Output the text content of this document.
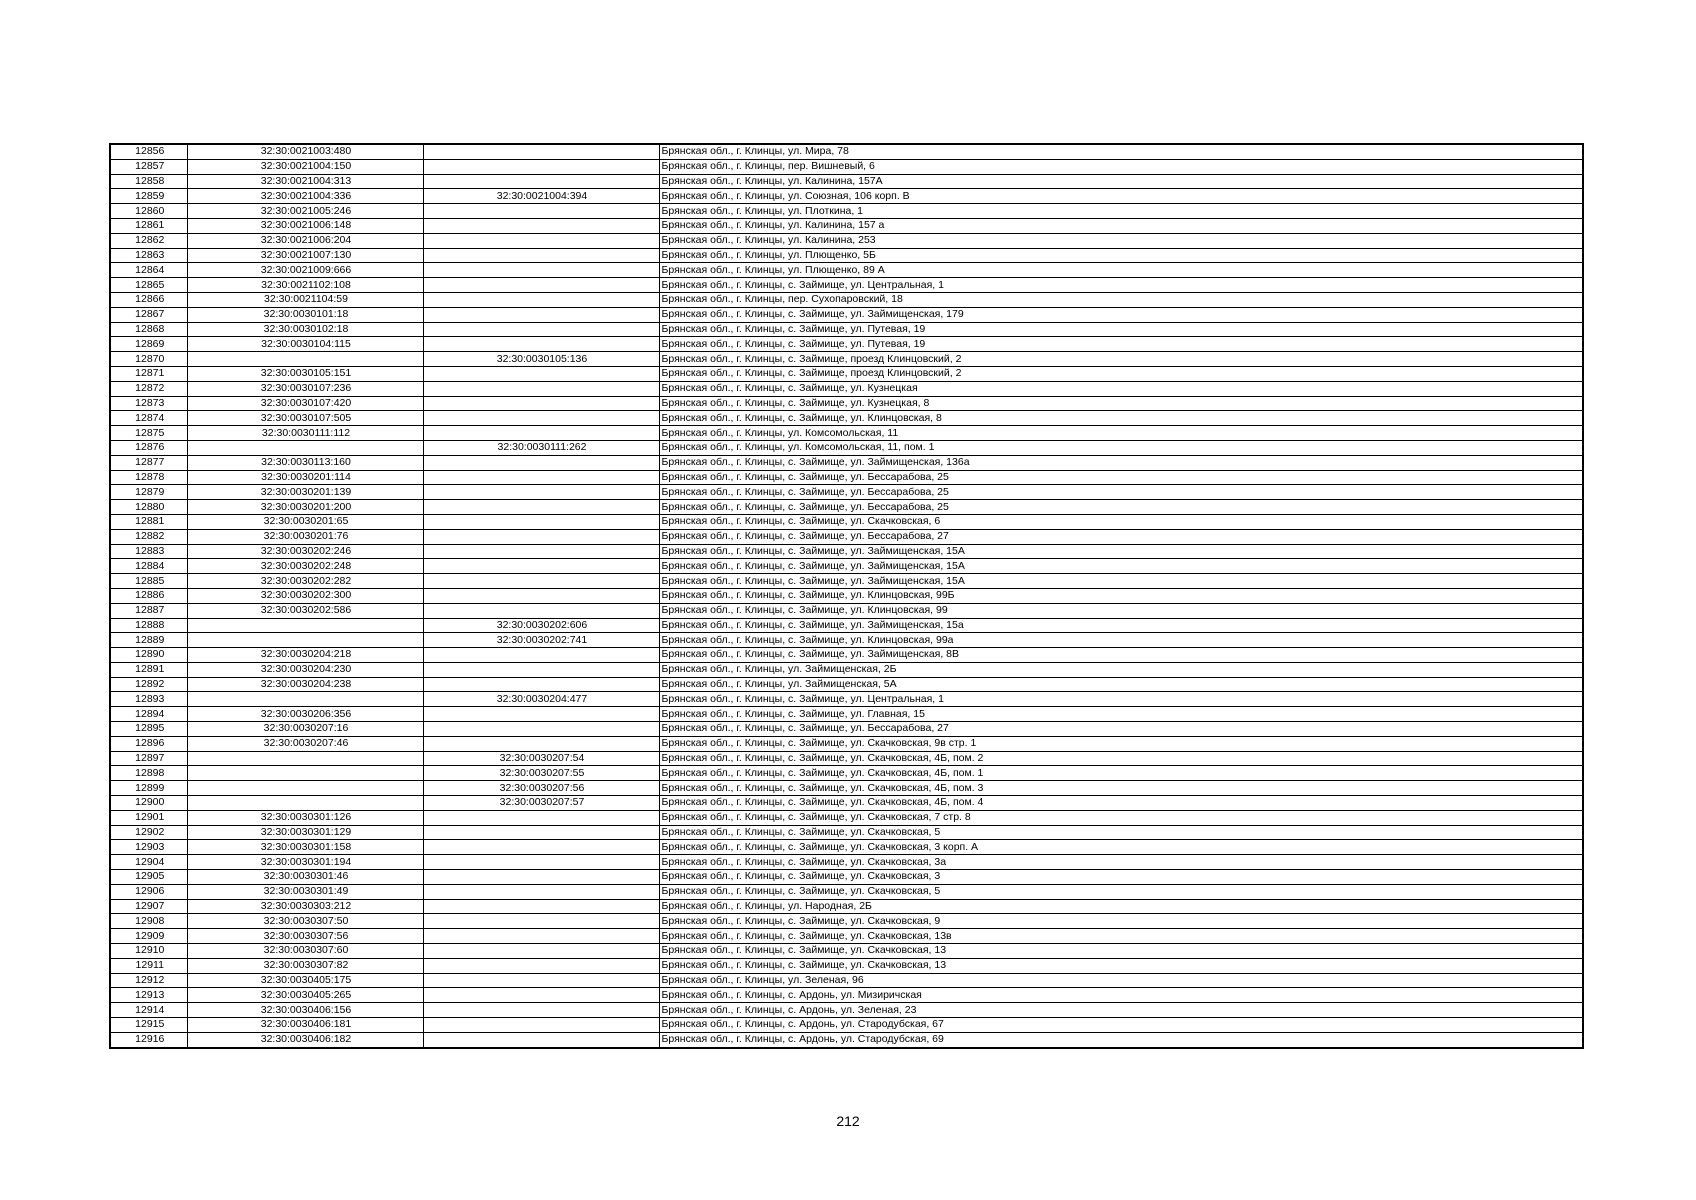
12856	32:30:0021003:480		Брянская обл., г. Клинцы, ул. Мира, 78
12857	32:30:0021004:150		Брянская обл., г. Клинцы, пер. Вишневый, 6
12858	32:30:0021004:313		Брянская обл., г. Клинцы, ул. Калинина, 157А
12859	32:30:0021004:336	32:30:0021004:394	Брянская обл., г. Клинцы, ул. Союзная, 106 корп. В
12860	32:30:0021005:246		Брянская обл., г. Клинцы, ул. Плоткина, 1
12861	32:30:0021006:148		Брянская обл., г. Клинцы, ул. Калинина, 157 а
12862	32:30:0021006:204		Брянская обл., г. Клинцы, ул. Калинина, 253
12863	32:30:0021007:130		Брянская обл., г. Клинцы, ул. Плющенко, 5Б
12864	32:30:0021009:666		Брянская обл., г. Клинцы, ул. Плющенко, 89 А
12865	32:30:0021102:108		Брянская обл., г. Клинцы, с. Займище, ул. Центральная, 1
12866	32:30:0021104:59		Брянская обл., г. Клинцы, пер. Сухопаровский, 18
12867	32:30:0030101:18		Брянская обл., г. Клинцы, с. Займище, ул. Займищенская, 179
12868	32:30:0030102:18		Брянская обл., г. Клинцы, с. Займище, ул. Путевая, 19
12869	32:30:0030104:115		Брянская обл., г. Клинцы, с. Займище, ул. Путевая, 19
12870		32:30:0030105:136	Брянская обл., г. Клинцы, с. Займище, проезд Клинцовский, 2
12871	32:30:0030105:151		Брянская обл., г. Клинцы, с. Займище, проезд Клинцовский, 2
12872	32:30:0030107:236		Брянская обл., г. Клинцы, с. Займище, ул. Кузнецкая
12873	32:30:0030107:420		Брянская обл., г. Клинцы, с. Займище, ул. Кузнецкая, 8
12874	32:30:0030107:505		Брянская обл., г. Клинцы, с. Займище, ул. Клинцовская, 8
12875	32:30:0030111:112		Брянская обл., г. Клинцы, ул. Комсомольская, 11
12876		32:30:0030111:262	Брянская обл., г. Клинцы, ул. Комсомольская, 11, пом. 1
12877	32:30:0030113:160		Брянская обл., г. Клинцы, с. Займище, ул. Займищенская, 136а
12878	32:30:0030201:114		Брянская обл., г. Клинцы, с. Займище, ул. Бессарабова, 25
12879	32:30:0030201:139		Брянская обл., г. Клинцы, с. Займище, ул. Бессарабова, 25
12880	32:30:0030201:200		Брянская обл., г. Клинцы, с. Займище, ул. Бессарабова, 25
12881	32:30:0030201:65		Брянская обл., г. Клинцы, с. Займище, ул. Скачковская, 6
12882	32:30:0030201:76		Брянская обл., г. Клинцы, с. Займище, ул. Бессарабова, 27
12883	32:30:0030202:246		Брянская обл., г. Клинцы, с. Займище, ул. Займищенская, 15А
12884	32:30:0030202:248		Брянская обл., г. Клинцы, с. Займище, ул. Займищенская, 15А
12885	32:30:0030202:282		Брянская обл., г. Клинцы, с. Займище, ул. Займищенская, 15А
12886	32:30:0030202:300		Брянская обл., г. Клинцы, с. Займище, ул. Клинцовская, 99Б
12887	32:30:0030202:586		Брянская обл., г. Клинцы, с. Займище, ул. Клинцовская, 99
12888		32:30:0030202:606	Брянская обл., г. Клинцы, с. Займище, ул. Займищенская, 15а
12889		32:30:0030202:741	Брянская обл., г. Клинцы, с. Займище, ул. Клинцовская, 99а
12890	32:30:0030204:218		Брянская обл., г. Клинцы, с. Займище, ул. Займищенская, 8В
12891	32:30:0030204:230		Брянская обл., г. Клинцы, ул. Займищенская, 2Б
12892	32:30:0030204:238		Брянская обл., г. Клинцы, ул. Займищенская, 5А
12893		32:30:0030204:477	Брянская обл., г. Клинцы, с. Займище, ул. Центральная, 1
12894	32:30:0030206:356		Брянская обл., г. Клинцы, с. Займище, ул. Главная, 15
12895	32:30:0030207:16		Брянская обл., г. Клинцы, с. Займище, ул. Бессарабова, 27
12896	32:30:0030207:46		Брянская обл., г. Клинцы, с. Займище, ул. Скачковская, 9в стр. 1
12897		32:30:0030207:54	Брянская обл., г. Клинцы, с. Займище, ул. Скачковская, 4Б, пом. 2
12898		32:30:0030207:55	Брянская обл., г. Клинцы, с. Займище, ул. Скачковская, 4Б, пом. 1
12899		32:30:0030207:56	Брянская обл., г. Клинцы, с. Займище, ул. Скачковская, 4Б, пом. 3
12900		32:30:0030207:57	Брянская обл., г. Клинцы, с. Займище, ул. Скачковская, 4Б, пом. 4
12901	32:30:0030301:126		Брянская обл., г. Клинцы, с. Займище, ул. Скачковская, 7 стр. 8
12902	32:30:0030301:129		Брянская обл., г. Клинцы, с. Займище, ул. Скачковская, 5
12903	32:30:0030301:158		Брянская обл., г. Клинцы, с. Займище, ул. Скачковская, 3 корп. А
12904	32:30:0030301:194		Брянская обл., г. Клинцы, с. Займище, ул. Скачковская, 3а
12905	32:30:0030301:46		Брянская обл., г. Клинцы, с. Займище, ул. Скачковская, 3
12906	32:30:0030301:49		Брянская обл., г. Клинцы, с. Займище, ул. Скачковская, 5
12907	32:30:0030303:212		Брянская обл., г. Клинцы, ул. Народная, 2Б
12908	32:30:0030307:50		Брянская обл., г. Клинцы, с. Займище, ул. Скачковская, 9
12909	32:30:0030307:56		Брянская обл., г. Клинцы, с. Займище, ул. Скачковская, 13в
12910	32:30:0030307:60		Брянская обл., г. Клинцы, с. Займище, ул. Скачковская, 13
12911	32:30:0030307:82		Брянская обл., г. Клинцы, с. Займище, ул. Скачковская, 13
12912	32:30:0030405:175		Брянская обл., г. Клинцы, ул. Зеленая, 96
12913	32:30:0030405:265		Брянская обл., г. Клинцы, с. Ардонь, ул. Мизиричская
12914	32:30:0030406:156		Брянская обл., г. Клинцы, с. Ардонь, ул. Зеленая, 23
12915	32:30:0030406:181		Брянская обл., г. Клинцы, с. Ардонь, ул. Стародубская, 67
12916	32:30:0030406:182		Брянская обл., г. Клинцы, с. Ардонь, ул. Стародубская, 69
212
